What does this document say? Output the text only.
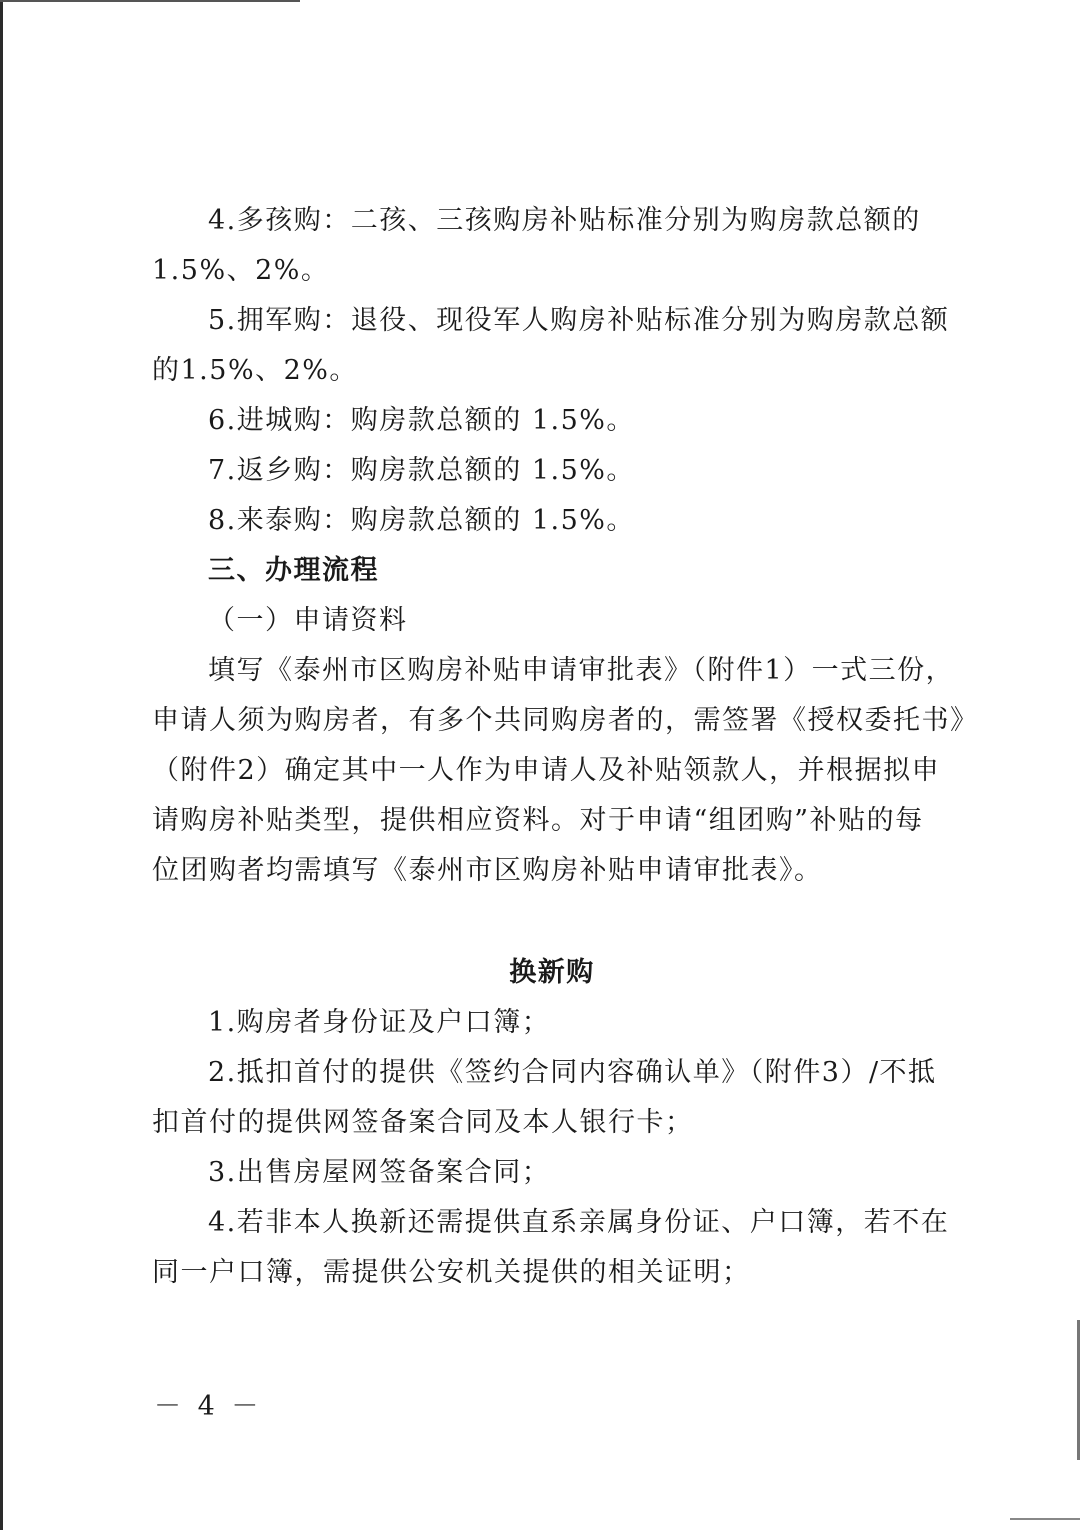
4.多孩购：二孩、三孩购房补贴标准分别为购房款总额的
1.5%、2%。
5.拥军购：退役、现役军人购房补贴标准分别为购房款总额
的1.5%、2%。
6.进城购：购房款总额的 1.5%。
7.返乡购：购房款总额的 1.5%。
8.来泰购：购房款总额的 1.5%。
三、办理流程
（一）申请资料
填写《泰州市区购房补贴申请审批表》（附件1）一式三份，
申请人须为购房者，有多个共同购房者的，需签署《授权委托书》
（附件2）确定其中一人作为申请人及补贴领款人，并根据拟申
请购房补贴类型，提供相应资料。对于申请“组团购”补贴的每
位团购者均需填写《泰州市区购房补贴申请审批表》。
换新购
1.购房者身份证及户口簿；
2.抵扣首付的提供《签约合同内容确认单》（附件3）/不抵
扣首付的提供网签备案合同及本人银行卡；
3.出售房屋网签备案合同；
4.若非本人换新还需提供直系亲属身份证、户口簿，若不在
同一户口簿，需提供公安机关提供的相关证明；
－ 4 －
